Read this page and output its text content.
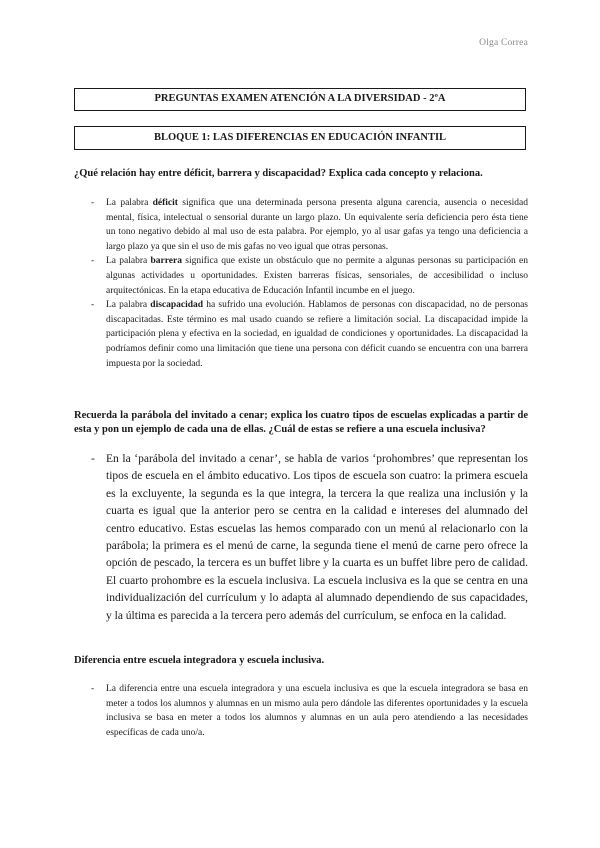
Olga Correa
PREGUNTAS EXAMEN ATENCIÓN A LA DIVERSIDAD - 2ºA
BLOQUE 1: LAS DIFERENCIAS EN EDUCACIÓN INFANTIL

¿Qué relación hay entre déficit, barrera y discapacidad? Explica cada concepto y relaciona.

- La palabra déficit significa que una determinada persona presenta alguna carencia, ausencia o necesidad mental, física, intelectual o sensorial durante un largo plazo. Un equivalente sería deficiencia pero ésta tiene un tono negativo debido al mal uso de esta palabra. Por ejemplo, yo al usar gafas ya tengo una deficiencia a largo plazo ya que sin el uso de mis gafas no veo igual que otras personas.
- La palabra barrera significa que existe un obstáculo que no permite a algunas personas su participación en algunas actividades u oportunidades. Existen barreras físicas, sensoriales, de accesibilidad o incluso arquitectónicas. En la etapa educativa de Educación Infantil incumbe en el juego.
- La palabra discapacidad ha sufrido una evolución. Hablamos de personas con discapacidad, no de personas discapacitadas. Este término es mal usado cuando se refiere a limitación social. La discapacidad impide la participación plena y efectiva en la sociedad, en igualdad de condiciones y oportunidades. La discapacidad la podríamos definir como una limitación que tiene una persona con déficit cuando se encuentra con una barrera impuesta por la sociedad.

Recuerda la parábola del invitado a cenar; explica los cuatro tipos de escuelas explicadas a partir de esta y pon un ejemplo de cada una de ellas. ¿Cuál de estas se refiere a una escuela inclusiva?

- En la ‘parábola del invitado a cenar’, se habla de varios ‘prohombres’ que representan los tipos de escuela en el ámbito educativo. Los tipos de escuela son cuatro: la primera escuela es la excluyente, la segunda es la que integra, la tercera la que realiza una inclusión y la cuarta es igual que la anterior pero se centra en la calidad e intereses del alumnado del centro educativo. Estas escuelas las hemos comparado con un menú al relacionarlo con la parábola; la primera es el menú de carne, la segunda tiene el menú de carne pero ofrece la opción de pescado, la tercera es un buffet libre y la cuarta es un buffet libre pero de calidad. El cuarto prohombre es la escuela inclusiva. La escuela inclusiva es la que se centra en una individualización del currículum y lo adapta al alumnado dependiendo de sus capacidades, y la última es parecida a la tercera pero además del currículum, se enfoca en la calidad.

Diferencia entre escuela integradora y escuela inclusiva.

- La diferencia entre una escuela integradora y una escuela inclusiva es que la escuela integradora se basa en meter a todos los alumnos y alumnas en un mismo aula pero dándole las diferentes oportunidades y la escuela inclusiva se basa en meter a todos los alumnos y alumnas en un aula pero atendiendo a las necesidades específicas de cada uno/a.
